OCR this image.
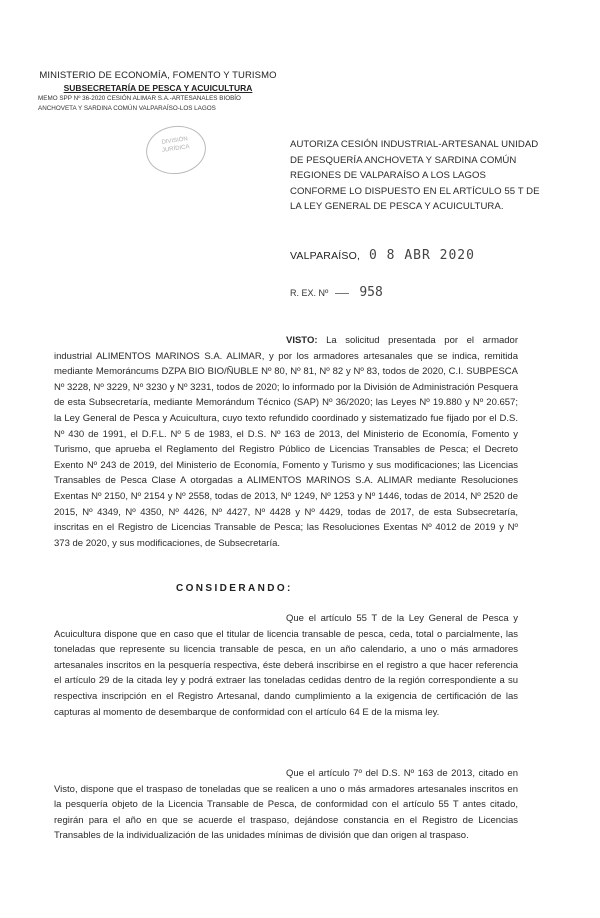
MINISTERIO DE ECONOMÍA, FOMENTO Y TURISMO
SUBSECRETARÍA DE PESCA Y ACUICULTURA
MEMO SPP Nº 36-2020 CESIÓN ALIMAR S.A.-ARTESANALES BIOBÍO
ANCHOVETA Y SARDINA COMÚN VALPARAÍSO-LOS LAGOS
DIVISIÓN JURÍDICA	AUTORIZA CESIÓN INDUSTRIAL-ARTESANAL UNIDAD DE PESQUERÍA ANCHOVETA Y SARDINA COMÚN REGIONES DE VALPARAÍSO A LOS LAGOS CONFORME LO DISPUESTO EN EL ARTÍCULO 55 T DE LA LEY GENERAL DE PESCA Y ACUICULTURA.
VALPARAÍSO, 0 8 ABR 2020
R. EX. Nº 958
VISTO: La solicitud presentada por el armador industrial ALIMENTOS MARINOS S.A. ALIMAR, y por los armadores artesanales que se indica, remitida mediante Memoráncums DZPA BIO BIO/ÑUBLE Nº 80, Nº 81, Nº 82 y Nº 83, todos de 2020, C.I. SUBPESCA Nº 3228, Nº 3229, Nº 3230 y Nº 3231, todos de 2020; lo informado por la División de Administración Pesquera de esta Subsecretaría, mediante Memorándum Técnico (SAP) Nº 36/2020; las Leyes Nº 19.880 y Nº 20.657; la Ley General de Pesca y Acuicultura, cuyo texto refundido coordinado y sistematizado fue fijado por el D.S. Nº 430 de 1991, el D.F.L. Nº 5 de 1983, el D.S. Nº 163 de 2013, del Ministerio de Economía, Fomento y Turismo, que aprueba el Reglamento del Registro Público de Licencias Transables de Pesca; el Decreto Exento Nº 243 de 2019, del Ministerio de Economía, Fomento y Turismo y sus modificaciones; las Licencias Transables de Pesca Clase A otorgadas a ALIMENTOS MARINOS S.A. ALIMAR mediante Resoluciones Exentas Nº 2150, Nº 2154 y Nº 2558, todas de 2013, Nº 1249, Nº 1253 y Nº 1446, todas de 2014, Nº 2520 de 2015, Nº 4349, Nº 4350, Nº 4426, Nº 4427, Nº 4428 y Nº 4429, todas de 2017, de esta Subsecretaría, inscritas en el Registro de Licencias Transable de Pesca; las Resoluciones Exentas Nº 4012 de 2019 y Nº 373 de 2020, y sus modificaciones, de Subsecretaría.
CONSIDERANDO:
Que el artículo 55 T de la Ley General de Pesca y Acuicultura dispone que en caso que el titular de licencia transable de pesca, ceda, total o parcialmente, las toneladas que represente su licencia transable de pesca, en un año calendario, a uno o más armadores artesanales inscritos en la pesquería respectiva, éste deberá inscribirse en el registro a que hacer referencia el artículo 29 de la citada ley y podrá extraer las toneladas cedidas dentro de la región correspondiente a su respectiva inscripción en el Registro Artesanal, dando cumplimiento a la exigencia de certificación de las capturas al momento de desembarque de conformidad con el artículo 64 E de la misma ley.
Que el artículo 7º del D.S. Nº 163 de 2013, citado en Visto, dispone que el traspaso de toneladas que se realicen a uno o más armadores artesanales inscritos en la pesquería objeto de la Licencia Transable de Pesca, de conformidad con el artículo 55 T antes citado, regirán para el año en que se acuerde el traspaso, dejándose constancia en el Registro de Licencias Transables de la individualización de las unidades mínimas de división que dan origen al traspaso.
